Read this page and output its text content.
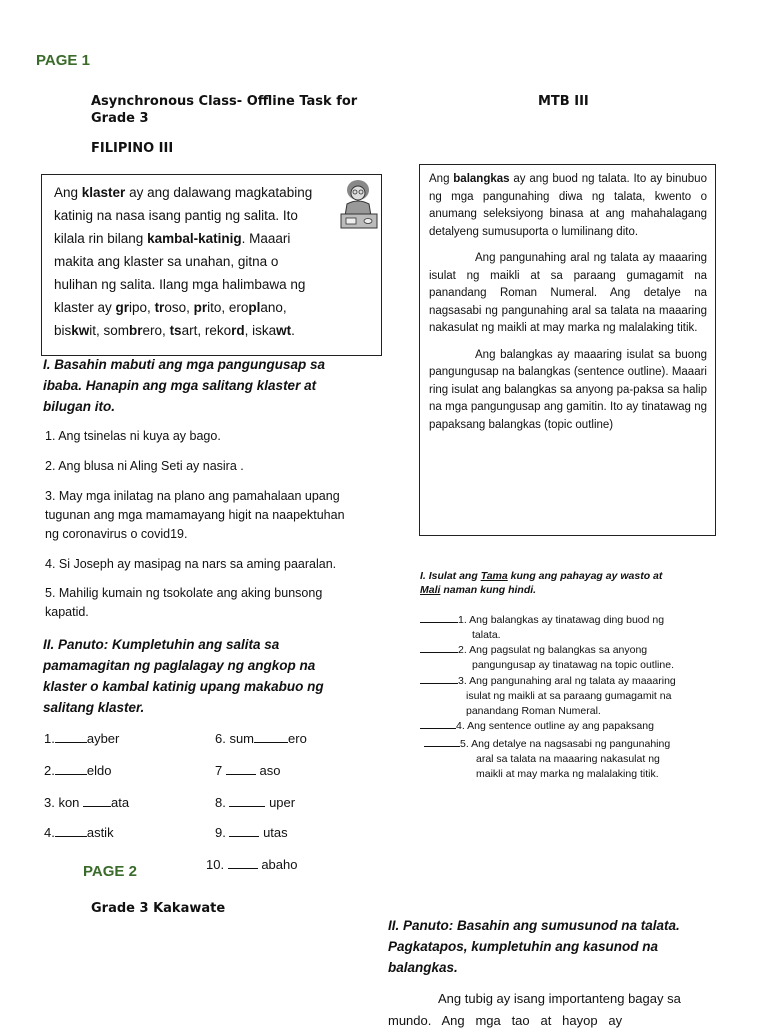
PAGE 1
Asynchronous Class- Offline Task for
Grade 3
FILIPINO III
MTB III
Ang klaster ay ang dalawang magkatabing
katinig na nasa isang pantig ng salita. Ito
kilala rin bilang kambal-katinig. Maaari
makita ang klaster sa unahan, gitna o
hulihan ng salita. Ilang mga halimbawa ng
klaster ay gripo, troso, prito, eroplano,
biskwit, sombrero, tsart, rekord, iskawt.
I. Basahin mabuti ang mga pangungusap sa
ibaba. Hanapin ang mga salitang klaster at
bilugan ito.
1. Ang tsinelas ni kuya ay bago.
2. Ang blusa ni Aling Seti ay nasira .
3. May mga inilatag na plano ang pamahalaan upang
tugunan ang mga mamamayang higit na naapektuhan
ng coronavirus o covid19.
4. Si Joseph ay masipag na nars sa aming paaralan.
5. Mahilig kumain ng tsokolate ang aking bunsong
kapatid.
II. Panuto: Kumpletuhin ang salita sa
pamamagitan ng paglalagay ng angkop na
klaster o kambal katinig upang makabuo ng
salitang klaster.
1. ayber
2. eldo
3. kon ata
4. astik
6. sum	ero
7	aso
8.	uper
9.	utas
10.	abaho
PAGE 2
Grade 3 Kakawate

Ang balangkas ay ang buod ng talata. Ito ay binubuo ng mga pangunahing diwa ng talata, kwento o anumang seleksiyong binasa at ang mahahalagang detalyeng sumusuporta o lumilinang dito.

Ang pangunahing aral ng talata ay maaaring isulat ng maikli at sa paraang gumagamit na panandang Roman Numeral. Ang detalye na nagsasabi ng pangunahing aral sa talata na maaaring nakasulat ng maikli at may marka ng malalaking titik.

Ang balangkas ay maaaring isulat sa buong pangungusap na balangkas (sentence outline). Maaari ring isulat ang balangkas sa anyong pa-paksa sa halip na mga pangungusap ang gamitin. Ito ay tinatawag ng papaksang balangkas (topic outline)

I. Isulat ang Tama kung ang pahayag ay wasto at
Mali naman kung hindi.
1. Ang balangkas ay tinatawag ding buod ng
talata.
2. Ang pagsulat ng balangkas sa anyong
pangungusap ay tinatawag na topic outline.
3. Ang pangunahing aral ng talata ay maaaring
isulat ng maikli at sa paraang gumagamit na
panandang Roman Numeral.
4. Ang sentence outline ay ang papaksang
5. Ang detalye na nagsasabi ng pangunahing
aral sa talata na maaaring nakasulat ng
maikli at may marka ng malalaking titik.
II. Panuto: Basahin ang sumusunod na talata.
Pagkatapos, kumpletuhin ang kasunod na
balangkas.
Ang tubig ay isang importanteng bagay sa
mundo.   Ang   mga   tao   at   hayop   ay
